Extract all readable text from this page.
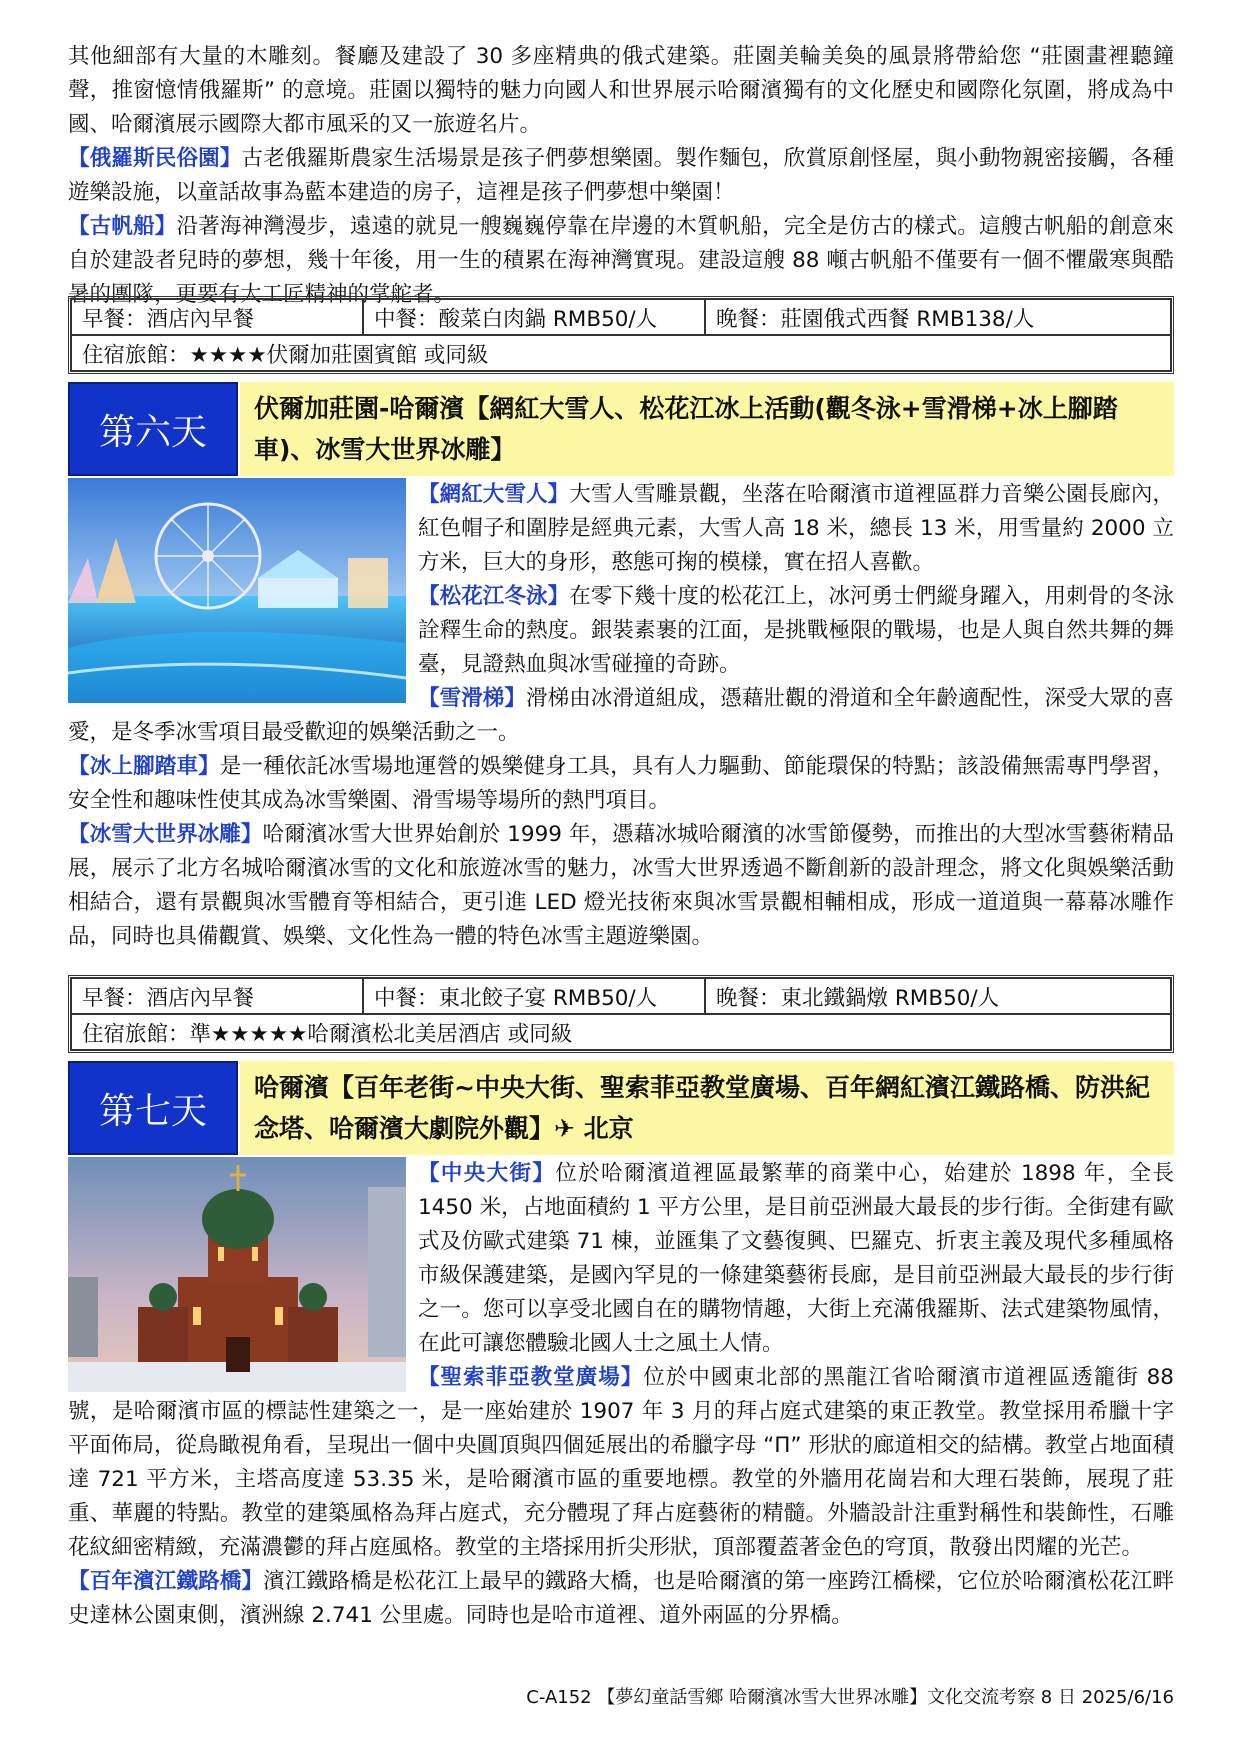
其他細部有大量的木雕刻。餐廳及建設了 30 多座精典的俄式建築。莊園美輪美奐的風景將帶給您 “莊園畫裡聽鐘聲，推窗憶情俄羅斯” 的意境。莊園以獨特的魅力向國人和世界展示哈爾濱獨有的文化歷史和國際化氛圍，將成為中國、哈爾濱展示國際大都市風采的又一旅遊名片。

【俄羅斯民俗園】古老俄羅斯農家生活場景是孩子們夢想樂園。製作麵包，欣賞原創怪屋，與小動物親密接觸，各種遊樂設施，以童話故事為藍本建造的房子，這裡是孩子們夢想中樂園！

【古帆船】沿著海神灣漫步，遠遠的就見一艘巍巍停靠在岸邊的木質帆船，完全是仿古的樣式。這艘古帆船的創意來自於建設者兒時的夢想，幾十年後，用一生的積累在海神灣實現。建設這艘 88 噸古帆船不僅要有一個不懼嚴寒與酷暑的團隊，更要有大工匠精神的掌舵者。

早餐：酒店內早餐	中餐：酸菜白肉鍋 RMB50/人	晚餐：莊園俄式西餐 RMB138/人
住宿旅館：★★★★伏爾加莊園賓館 或同級
第六天
伏爾加莊園-哈爾濱【網紅大雪人、松花江冰上活動(觀冬泳+雪滑梯+冰上腳踏車)、冰雪大世界冰雕】

【網紅大雪人】大雪人雪雕景觀，坐落在哈爾濱市道裡區群力音樂公園長廊內，紅色帽子和圍脖是經典元素，大雪人高 18 米，總長 13 米，用雪量約 2000 立方米，巨大的身形，憨態可掬的模樣，實在招人喜歡。

【松花江冬泳】在零下幾十度的松花江上，冰河勇士們縱身躍入，用刺骨的冬泳詮釋生命的熱度。銀裝素裹的江面，是挑戰極限的戰場，也是人與自然共舞的舞臺，見證熱血與冰雪碰撞的奇跡。

【雪滑梯】滑梯由冰滑道組成，憑藉壯觀的滑道和全年齡適配性，深受大眾的喜愛，是冬季冰雪項目最受歡迎的娛樂活動之一。

【冰上腳踏車】是一種依託冰雪場地運營的娛樂健身工具，具有人力驅動、節能環保的特點；該設備無需專門學習，安全性和趣味性使其成為冰雪樂園、滑雪場等場所的熱門項目。

【冰雪大世界冰雕】哈爾濱冰雪大世界始創於 1999 年，憑藉冰城哈爾濱的冰雪節優勢，而推出的大型冰雪藝術精品展，展示了北方名城哈爾濱冰雪的文化和旅遊冰雪的魅力，冰雪大世界透過不斷創新的設計理念，將文化與娛樂活動相結合，還有景觀與冰雪體育等相結合，更引進 LED 燈光技術來與冰雪景觀相輔相成，形成一道道與一幕幕冰雕作品，同時也具備觀賞、娛樂、文化性為一體的特色冰雪主題遊樂園。

早餐：酒店內早餐	中餐：東北餃子宴 RMB50/人	晚餐：東北鐵鍋燉 RMB50/人
住宿旅館：準★★★★★哈爾濱松北美居酒店 或同級
第七天
哈爾濱【百年老街~中央大街、聖索菲亞教堂廣場、百年網紅濱江鐵路橋、防洪紀念塔、哈爾濱大劇院外觀】✈ 北京

【中央大街】位於哈爾濱道裡區最繁華的商業中心，始建於 1898 年，全長 1450 米，占地面積約 1 平方公里，是目前亞洲最大最長的步行街。全街建有歐式及仿歐式建築 71 棟，並匯集了文藝復興、巴羅克、折衷主義及現代多種風格市級保護建築，是國內罕見的一條建築藝術長廊，是目前亞洲最大最長的步行街之一。您可以享受北國自在的購物情趣，大街上充滿俄羅斯、法式建築物風情，在此可讓您體驗北國人士之風土人情。

【聖索菲亞教堂廣場】位於中國東北部的黑龍江省哈爾濱市道裡區透籠街 88 號，是哈爾濱市區的標誌性建築之一，是一座始建於 1907 年 3 月的拜占庭式建築的東正教堂。教堂採用希臘十字平面佈局，從鳥瞰視角看，呈現出一個中央圓頂與四個延展出的希臘字母 “Π” 形狀的廊道相交的結構。教堂占地面積達 721 平方米，主塔高度達 53.35 米，是哈爾濱市區的重要地標。教堂的外牆用花崗岩和大理石裝飾，展現了莊重、華麗的特點。教堂的建築風格為拜占庭式，充分體現了拜占庭藝術的精髓。外牆設計注重對稱性和裝飾性，石雕花紋細密精緻，充滿濃鬱的拜占庭風格。教堂的主塔採用折尖形狀，頂部覆蓋著金色的穹頂，散發出閃耀的光芒。

【百年濱江鐵路橋】濱江鐵路橋是松花江上最早的鐵路大橋，也是哈爾濱的第一座跨江橋樑，它位於哈爾濱松花江畔史達林公園東側，濱洲線 2.741 公里處。同時也是哈市道裡、道外兩區的分界橋。

C-A152 【夢幻童話雪鄉 哈爾濱冰雪大世界冰雕】文化交流考察 8 日 2025/6/16
